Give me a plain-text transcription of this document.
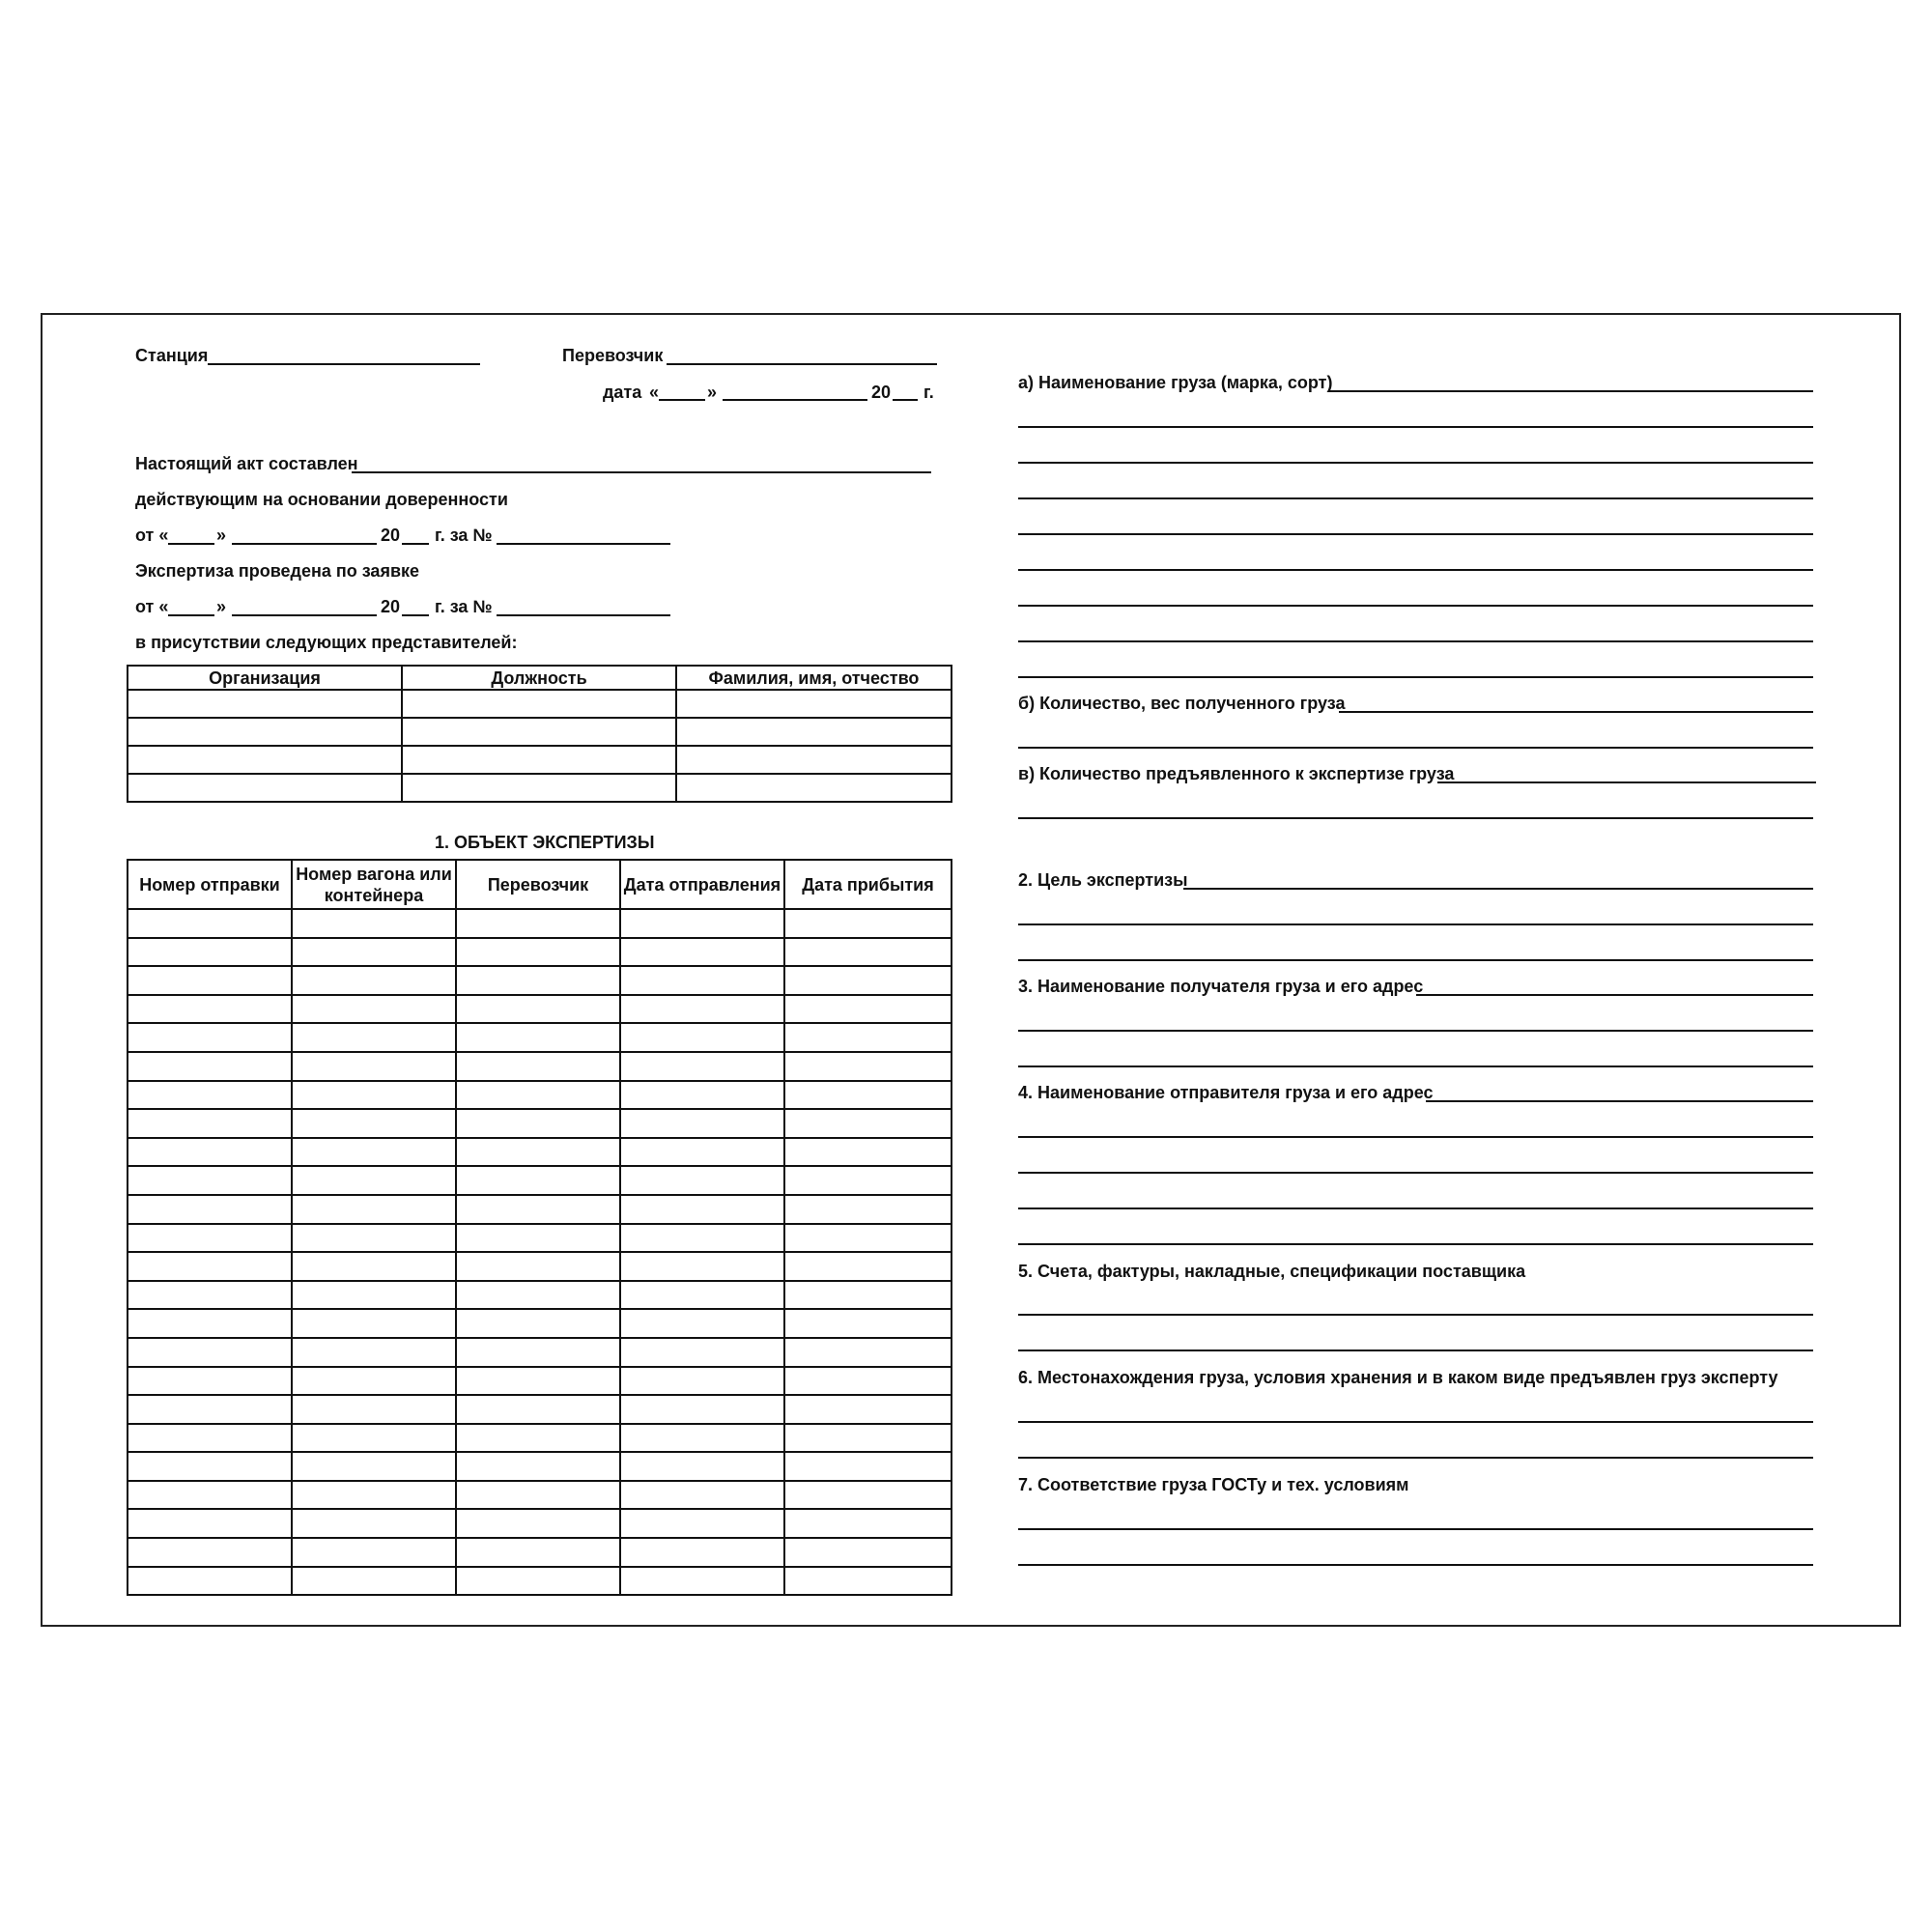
Станция	Перевозчик
дата «	»	20 г.
Настоящий акт составлен
действующим на основании доверенности
от «	»	20 г. за №
Экспертиза проведена по заявке
от «	»	20 г. за №
в присутствии следующих представителей:
Организация	Должность	Фамилия, имя, отчество

1. ОБЪЕКТ ЭКСПЕРТИЗЫ
Номер отправки	Номер вагона или контейнера	Перевозчик	Дата отправления	Дата прибытия

а) Наименование груза (марка, сорт)
б) Количество, вес полученного груза
в) Количество предъявленного к экспертизе груза
2. Цель экспертизы
3. Наименование получателя груза и его адрес
4. Наименование отправителя груза и его адрес
5. Счета, фактуры, накладные, спецификации поставщика
6. Местонахождения груза, условия хранения и в каком виде предъявлен груз эксперту
7. Соответствие груза ГОСТу и тех. условиям
